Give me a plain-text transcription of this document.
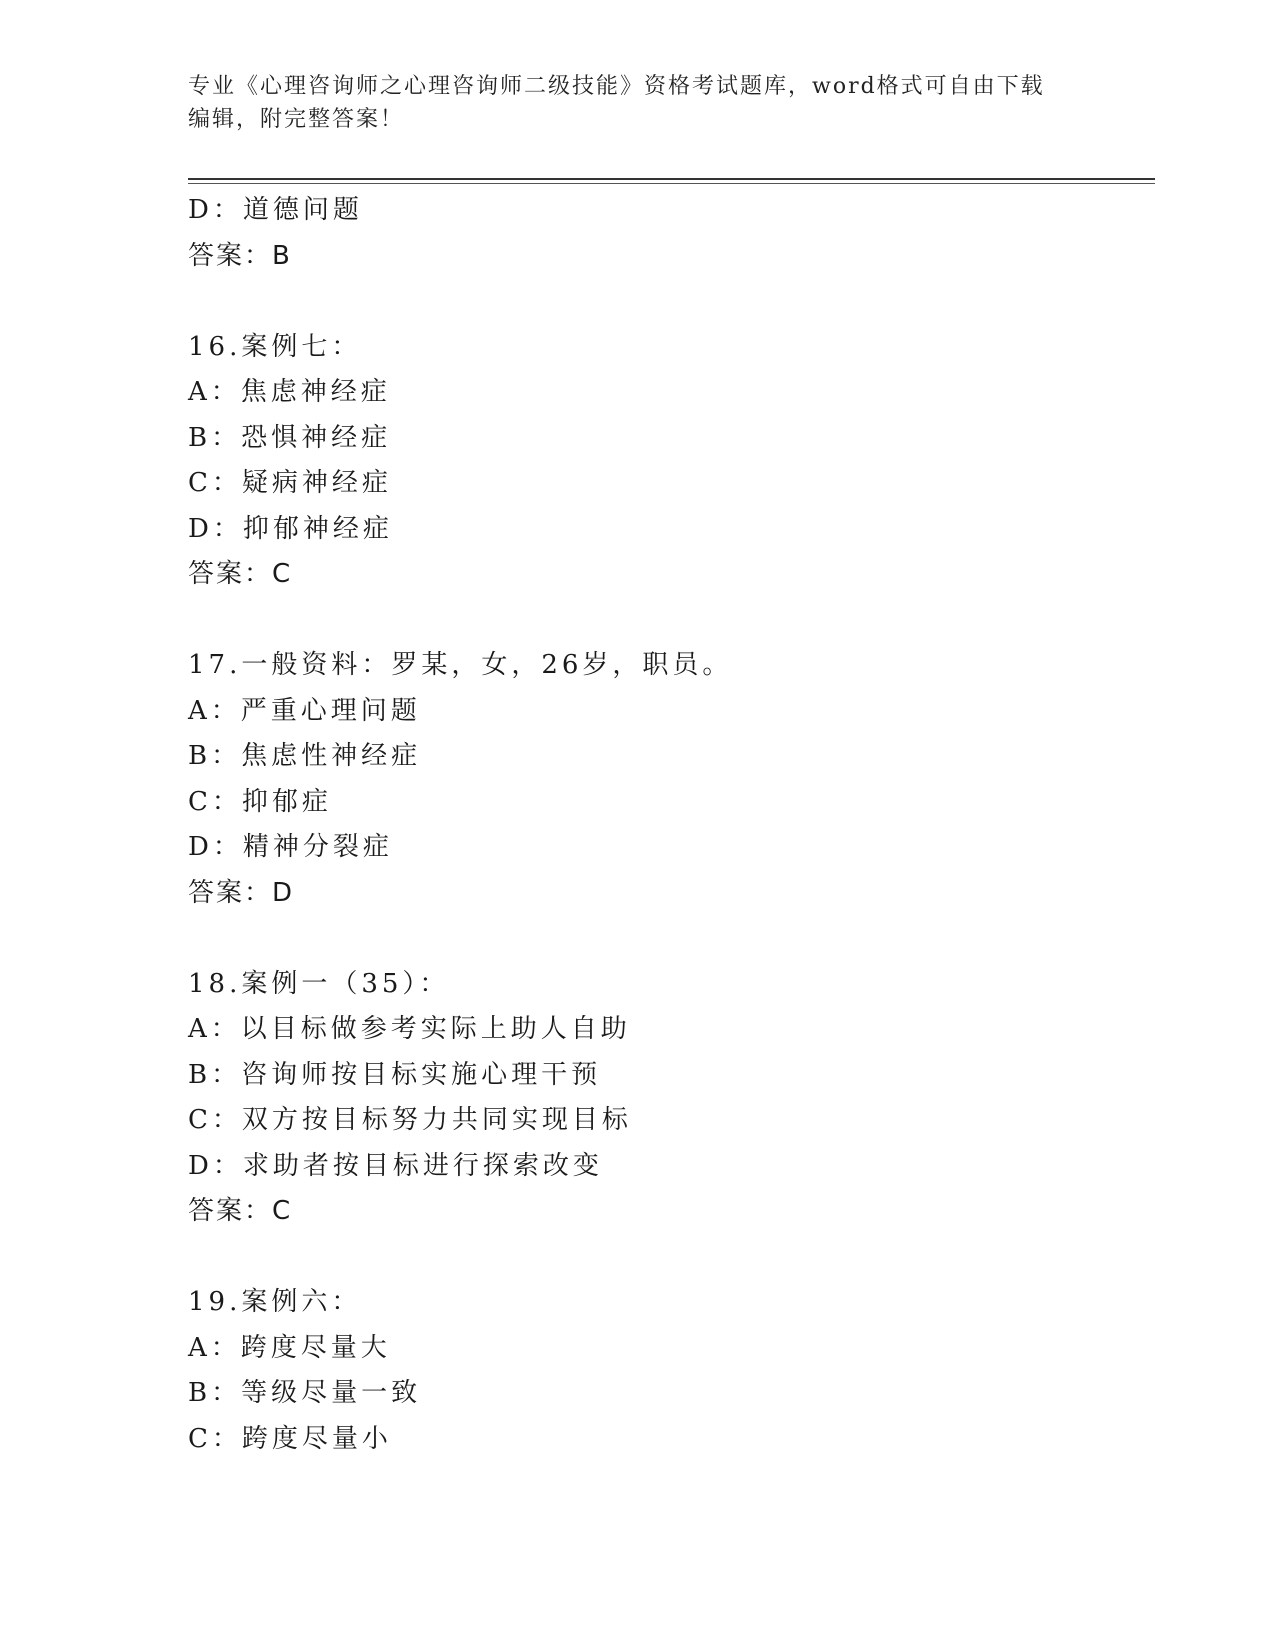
专业《心理咨询师之心理咨询师二级技能》资格考试题库，word格式可自由下载
编辑，附完整答案！
D：道德问题
答案：B
16.案例七：
A：焦虑神经症
B：恐惧神经症
C：疑病神经症
D：抑郁神经症
答案：C
17.一般资料：罗某，女，26岁，职员。
A：严重心理问题
B：焦虑性神经症
C：抑郁症
D：精神分裂症
答案：D
18.案例一（35）：
A：以目标做参考实际上助人自助
B：咨询师按目标实施心理干预
C：双方按目标努力共同实现目标
D：求助者按目标进行探索改变
答案：C
19.案例六：
A：跨度尽量大
B：等级尽量一致
C：跨度尽量小
